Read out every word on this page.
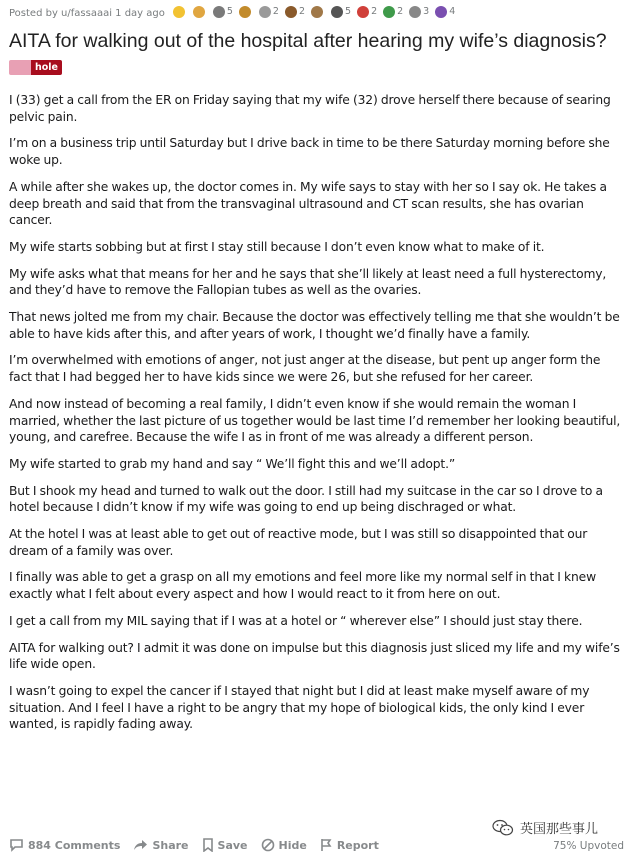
Posted by u/fassaaai 1 day ago	5	2 2	5 2 2 3 4
AITA for walking out of the hospital after hearing my wife’s diagnosis?
hole

I (33) get a call from the ER on Friday saying that my wife (32) drove herself there because of searing pelvic pain.

I’m on a business trip until Saturday but I drive back in time to be there Saturday morning before she woke up.

A while after she wakes up, the doctor comes in. My wife says to stay with her so I say ok. He takes a deep breath and said that from the transvaginal ultrasound and CT scan results, she has ovarian cancer.

My wife starts sobbing but at first I stay still because I don’t even know what to make of it.

My wife asks what that means for her and he says that she’ll likely at least need a full hysterectomy, and they’d have to remove the Fallopian tubes as well as the ovaries.

That news jolted me from my chair. Because the doctor was effectively telling me that she wouldn’t be able to have kids after this, and after years of work, I thought we’d finally have a family.

I’m overwhelmed with emotions of anger, not just anger at the disease, but pent up anger form the fact that I had begged her to have kids since we were 26, but she refused for her career.

And now instead of becoming a real family, I didn’t even know if she would remain the woman I married, whether the last picture of us together would be last time I’d remember her looking beautiful, young, and carefree. Because the wife I as in front of me was already a different person.

My wife started to grab my hand and say “ We’ll fight this and we’ll adopt.”

But I shook my head and turned to walk out the door. I still had my suitcase in the car so I drove to a hotel because I didn’t know if my wife was going to end up being dischraged or what.

At the hotel I was at least able to get out of reactive mode, but I was still so disappointed that our dream of a family was over.

I finally was able to get a grasp on all my emotions and feel more like my normal self in that I knew exactly what I felt about every aspect and how I would react to it from here on out.

I get a call from my MIL saying that if I was at a hotel or “ wherever else” I should just stay there.

AITA for walking out? I admit it was done on impulse but this diagnosis just sliced my life and my wife’s life wide open.

I wasn’t going to expel the cancer if I stayed that night but I did at least make myself aware of my situation. And I feel I have a right to be angry that my hope of biological kids, the only kind I ever wanted, is rapidly fading away.

英国那些事儿
884 Comments	Share	Save	Hide	Report	75% Upvoted
